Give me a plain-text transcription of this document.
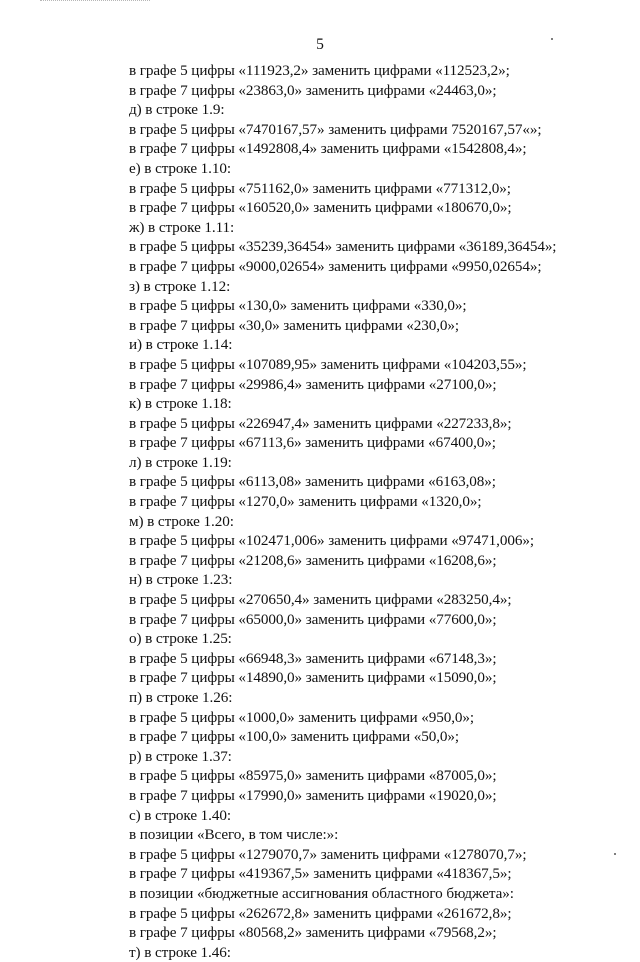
5
в графе 5 цифры «111923,2» заменить цифрами «112523,2»;
в графе 7 цифры «23863,0» заменить цифрами «24463,0»;
д) в строке 1.9:
в графе 5 цифры «7470167,57» заменить цифрами 7520167,57«»;
в графе 7 цифры «1492808,4» заменить цифрами «1542808,4»;
е) в строке 1.10:
в графе 5 цифры «751162,0» заменить цифрами «771312,0»;
в графе 7 цифры «160520,0» заменить цифрами «180670,0»;
ж) в строке 1.11:
в графе 5 цифры «35239,36454» заменить цифрами «36189,36454»;
в графе 7 цифры «9000,02654» заменить цифрами «9950,02654»;
з) в строке 1.12:
в графе 5 цифры «130,0» заменить цифрами «330,0»;
в графе 7 цифры «30,0» заменить цифрами «230,0»;
и) в строке 1.14:
в графе 5 цифры «107089,95» заменить цифрами «104203,55»;
в графе 7 цифры «29986,4» заменить цифрами «27100,0»;
к) в строке 1.18:
в графе 5 цифры «226947,4» заменить цифрами «227233,8»;
в графе 7 цифры «67113,6» заменить цифрами «67400,0»;
л) в строке 1.19:
в графе 5 цифры «6113,08» заменить цифрами «6163,08»;
в графе 7 цифры «1270,0» заменить цифрами «1320,0»;
м) в строке 1.20:
в графе 5 цифры «102471,006» заменить цифрами «97471,006»;
в графе 7 цифры «21208,6» заменить цифрами «16208,6»;
н) в строке 1.23:
в графе 5 цифры «270650,4» заменить цифрами «283250,4»;
в графе 7 цифры «65000,0» заменить цифрами «77600,0»;
о) в строке 1.25:
в графе 5 цифры «66948,3» заменить цифрами «67148,3»;
в графе 7 цифры «14890,0» заменить цифрами «15090,0»;
п) в строке 1.26:
в графе 5 цифры «1000,0» заменить цифрами «950,0»;
в графе 7 цифры «100,0» заменить цифрами «50,0»;
р) в строке 1.37:
в графе 5 цифры «85975,0» заменить цифрами «87005,0»;
в графе 7 цифры «17990,0» заменить цифрами «19020,0»;
с) в строке 1.40:
в позиции «Всего, в том числе:»:
в графе 5 цифры «1279070,7» заменить цифрами «1278070,7»;
в графе 7 цифры «419367,5» заменить цифрами «418367,5»;
в позиции «бюджетные ассигнования областного бюджета»:
в графе 5 цифры «262672,8» заменить цифрами «261672,8»;
в графе 7 цифры «80568,2» заменить цифрами «79568,2»;
т) в строке 1.46:
